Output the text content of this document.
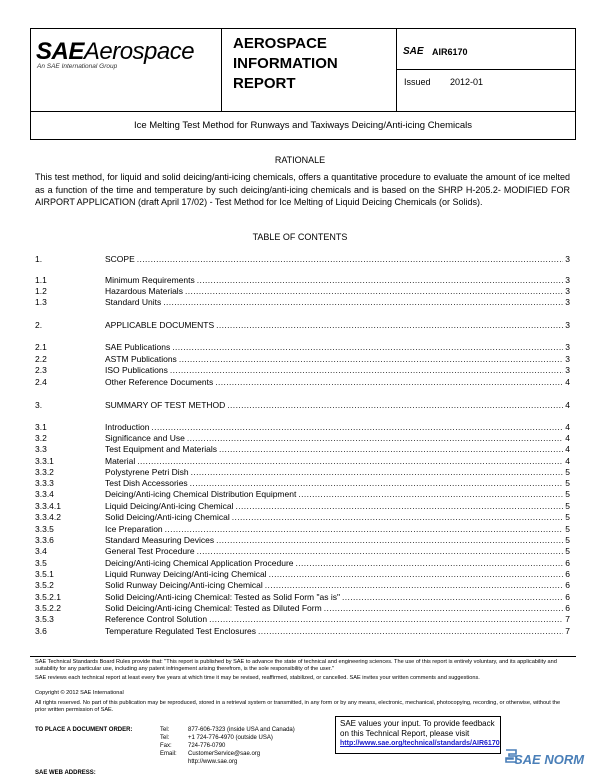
SAEAerospace
An SAE International Group
AEROSPACE INFORMATION REPORT
SAE AIR6170
Issued 2012-01
Ice Melting Test Method for Runways and Taxiways Deicing/Anti-icing Chemicals
RATIONALE
This test method, for liquid and solid deicing/anti-icing chemicals, offers a quantitative procedure to evaluate the amount of ice melted as a function of the time and temperature by such deicing/anti-icing chemicals and is based on the SHRP H-205.2- MODIFIED FOR AIRPORT APPLICATION (draft April 17/02) - Test Method for Ice Melting of Liquid Deicing Chemicals (or Solids).
TABLE OF CONTENTS
1.	SCOPE .....	3
1.1	Minimum Requirements .....	3
1.2	Hazardous Materials .....	3
1.3	Standard Units .....	3
2.	APPLICABLE DOCUMENTS .....	3
2.1	SAE Publications .....	3
2.2	ASTM Publications .....	3
2.3	ISO Publications .....	3
2.4	Other Reference Documents .....	4
3.	SUMMARY OF TEST METHOD .....	4
3.1	Introduction .....	4
3.2	Significance and Use .....	4
3.3	Test Equipment and Materials .....	4
3.3.1	Material .....	4
3.3.2	Polystyrene Petri Dish .....	5
3.3.3	Test Dish Accessories .....	5
3.3.4	Deicing/Anti-icing Chemical Distribution Equipment .....	5
3.3.4.1	Liquid Deicing/Anti-icing Chemical .....	5
3.3.4.2	Solid Deicing/Anti-icing Chemical .....	5
3.3.5	Ice Preparation .....	5
3.3.6	Standard Measuring Devices .....	5
3.4	General Test Procedure .....	5
3.5	Deicing/Anti-icing Chemical Application Procedure .....	6
3.5.1	Liquid Runway Deicing/Anti-icing Chemical .....	6
3.5.2	Solid Runway Deicing/Anti-icing Chemical .....	6
3.5.2.1	Solid Deicing/Anti-icing Chemical: Tested as Solid Form "as is" .....	6
3.5.2.2	Solid Deicing/Anti-icing Chemical: Tested as Diluted Form .....	6
3.5.3	Reference Control Solution .....	7
3.6	Temperature Regulated Test Enclosures .....	7
SAE Technical Standards Board Rules provide that: "This report is published by SAE to advance the state of technical and engineering sciences. The use of this report is entirely voluntary, and its applicability and suitability for any particular use, including any patent infringement arising therefrom, is the sole responsibility of the user."
SAE reviews each technical report at least every five years at which time it may be revised, reaffirmed, stabilized, or cancelled. SAE invites your written comments and suggestions.
Copyright © 2012 SAE International
All rights reserved. No part of this publication may be reproduced, stored in a retrieval system or transmitted, in any form or by any means, electronic, mechanical, photocopying, recording, or otherwise, without the prior written permission of SAE.
TO PLACE A DOCUMENT ORDER:
SAE WEB ADDRESS:
Tel:	877-606-7323 (inside USA and Canada)
Tel:	+1 724-776-4970 (outside USA)
Fax:	724-776-0790
Email: CustomerService@sae.org
http://www.sae.org
SAE values your input. To provide feedback
on this Technical Report, please visit
http://www.sae.org/technical/standards/AIR6170
SAE NORM
